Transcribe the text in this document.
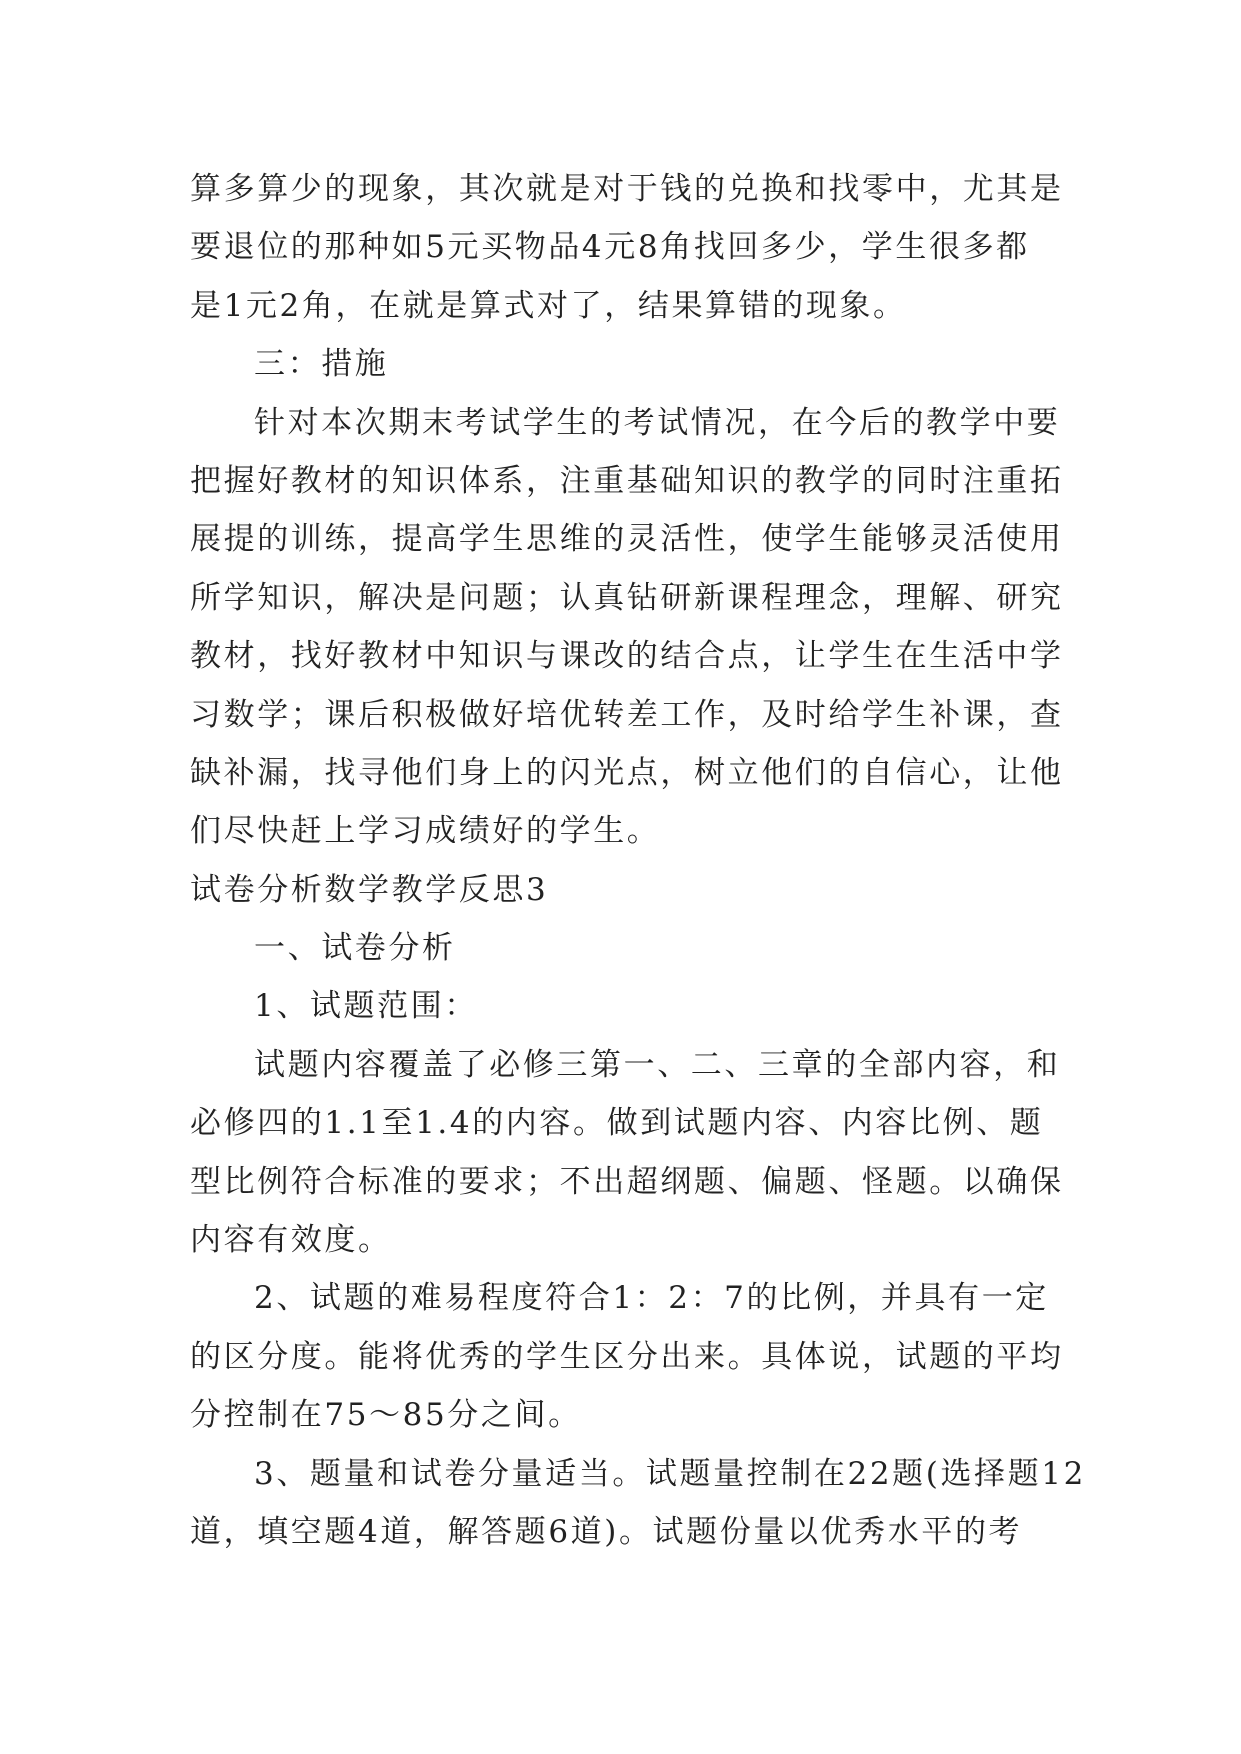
算多算少的现象，其次就是对于钱的兑换和找零中，尤其是
要退位的那种如5元买物品4元8角找回多少，学生很多都
是1元2角，在就是算式对了，结果算错的现象。
三：措施
针对本次期末考试学生的考试情况，在今后的教学中要
把握好教材的知识体系，注重基础知识的教学的同时注重拓
展提的训练，提高学生思维的灵活性，使学生能够灵活使用
所学知识，解决是问题；认真钻研新课程理念，理解、研究
教材，找好教材中知识与课改的结合点，让学生在生活中学
习数学；课后积极做好培优转差工作，及时给学生补课，查
缺补漏，找寻他们身上的闪光点，树立他们的自信心，让他
们尽快赶上学习成绩好的学生。
试卷分析数学教学反思3
一、试卷分析
1、试题范围：
试题内容覆盖了必修三第一、二、三章的全部内容，和
必修四的1.1至1.4的内容。做到试题内容、内容比例、题
型比例符合标准的要求；不出超纲题、偏题、怪题。以确保
内容有效度。
2、试题的难易程度符合1：2：7的比例，并具有一定
的区分度。能将优秀的学生区分出来。具体说，试题的平均
分控制在75～85分之间。
3、题量和试卷分量适当。试题量控制在22题(选择题12
道，填空题4道，解答题6道)。试题份量以优秀水平的考
